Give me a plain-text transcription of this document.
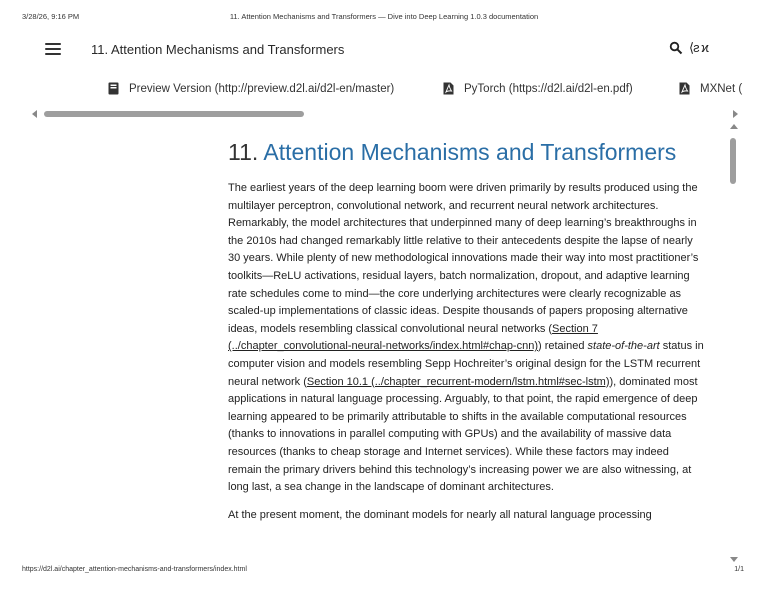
3/28/26, 9:16 PM	11. Attention Mechanisms and Transformers — Dive into Deep Learning 1.0.3 documentation
11. Attention Mechanisms and Transformers	⟨ƨ ϰ
Preview Version (http://preview.d2l.ai/d2l-en/master)	PyTorch (https://d2l.ai/d2l-en.pdf)	MXNet (
11. Attention Mechanisms and Transformers

The earliest years of the deep learning boom were driven primarily by results produced using the multilayer perceptron, convolutional network, and recurrent neural network architectures. Remarkably, the model architectures that underpinned many of deep learning’s breakthroughs in the 2010s had changed remarkably little relative to their antecedents despite the lapse of nearly 30 years. While plenty of new methodological innovations made their way into most practitioner’s toolkits—ReLU activations, residual layers, batch normalization, dropout, and adaptive learning rate schedules come to mind—the core underlying architectures were clearly recognizable as scaled-up implementations of classic ideas. Despite thousands of papers proposing alternative ideas, models resembling classical convolutional neural networks (Section 7 (../chapter_convolutional-neural-networks/index.html#chap-cnn)) retained state-of-the-art status in computer vision and models resembling Sepp Hochreiter’s original design for the LSTM recurrent neural network (Section 10.1 (../chapter_recurrent-modern/lstm.html#sec-lstm)), dominated most applications in natural language processing. Arguably, to that point, the rapid emergence of deep learning appeared to be primarily attributable to shifts in the available computational resources (thanks to innovations in parallel computing with GPUs) and the availability of massive data resources (thanks to cheap storage and Internet services). While these factors may indeed remain the primary drivers behind this technology’s increasing power we are also witnessing, at long last, a sea change in the landscape of dominant architectures.

At the present moment, the dominant models for nearly all natural language processing

https://d2l.ai/chapter_attention-mechanisms-and-transformers/index.html	1/1
